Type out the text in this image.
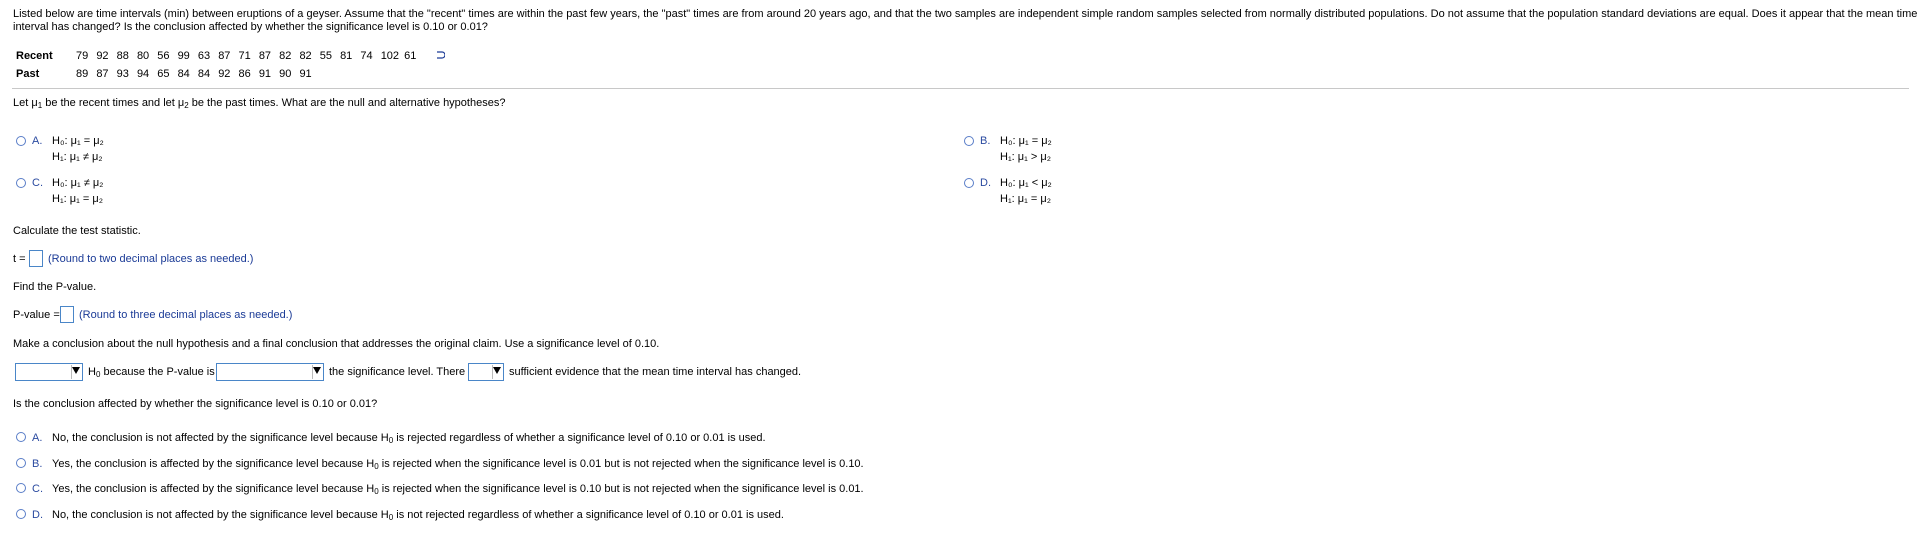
Listed below are time intervals (min) between eruptions of a geyser. Assume that the "recent" times are within the past few years, the "past" times are from around 20 years ago, and that the two samples are independent simple random samples selected from normally distributed populations. Do not assume that the population standard deviations are equal. Does it appear that the mean time
interval has changed? Is the conclusion affected by whether the significance level is 0.10 or 0.01?
Recent 79 92 88 80 56 99 63 87 71 87 82 82 55 81 74 102 61
Past	89 87 93 94 65 84 84 92 86 91 90 91
Let $\mu_1$ be the recent times and let $\mu_2$ be the past times. What are the null and alternative hypotheses?
A. H₀: μ₁ = μ₂
H₁: μ₁ ≠ μ₂
B. H₀: μ₁ = μ₂
H₁: μ₁ > μ₂
C. H₀: μ₁ ≠ μ₂
H₁: μ₁ = μ₂
D. H₀: μ₁ < μ₂
H₁: μ₁ = μ₂
Calculate the test statistic.
t = (Round to two decimal places as needed.)
Find the P-value.
P-value = (Round to three decimal places as needed.)
Make a conclusion about the null hypothesis and a final conclusion that addresses the original claim. Use a significance level of 0.10.
$H_0$ because the P-value is	the significance level. There	sufficient evidence that the mean time interval has changed.
Is the conclusion affected by whether the significance level is 0.10 or 0.01?
A. No, the conclusion is not affected by the significance level because $H_0$ is rejected regardless of whether a significance level of 0.10 or 0.01 is used.
B. Yes, the conclusion is affected by the significance level because $H_0$ is rejected when the significance level is 0.01 but is not rejected when the significance level is 0.10.
C. Yes, the conclusion is affected by the significance level because $H_0$ is rejected when the significance level is 0.10 but is not rejected when the significance level is 0.01.
D. No, the conclusion is not affected by the significance level because $H_0$ is not rejected regardless of whether a significance level of 0.10 or 0.01 is used.
